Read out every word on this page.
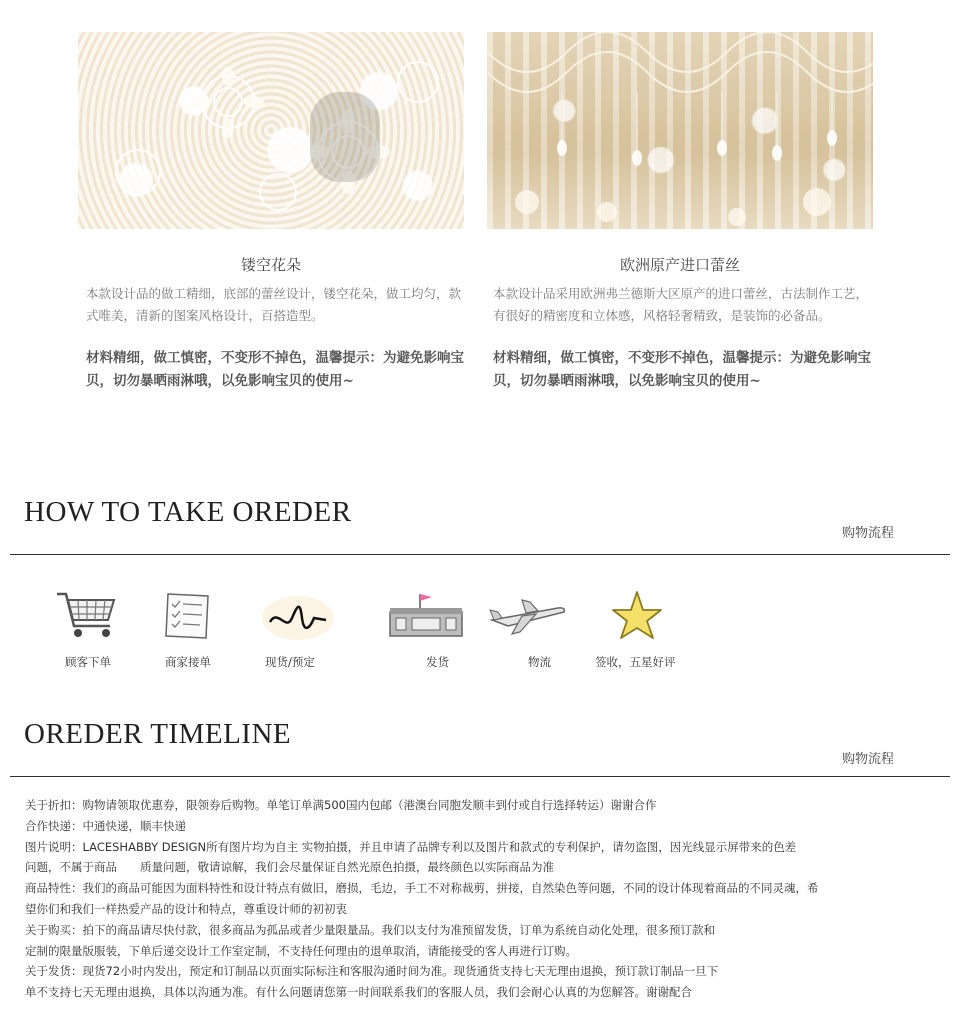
镂空花朵	欧洲原产进口蕾丝
本款设计品的做工精细，底部的蕾丝设计，镂空花朵，做工均匀，款式唯美，清新的图案风格设计，百搭造型。
本款设计品采用欧洲弗兰德斯大区原产的进口蕾丝，古法制作工艺，有很好的精密度和立体感，风格轻奢精致，是装饰的必备品。
材料精细，做工慎密，不变形不掉色，温馨提示：为避免影响宝贝，切勿暴晒雨淋哦，以免影响宝贝的使用~
材料精细，做工慎密，不变形不掉色，温馨提示：为避免影响宝贝，切勿暴晒雨淋哦，以免影响宝贝的使用~
HOW TO TAKE OREDER
购物流程
顾客下单	商家接单	现货/预定	发货	物流	签收，五星好评
OREDER TIMELINE
购物流程
关于折扣：购物请领取优惠券，限领券后购物。单笔订单满500国内包邮（港澳台同胞发顺丰到付或自行选择转运）谢谢合作
合作快递：中通快递，顺丰快递
图片说明：LACESHABBY DESIGN所有图片均为自主 实物拍摄，并且申请了品牌专利以及图片和款式的专利保护，请勿盗图，因光线显示屏带来的色差
问题，不属于商品　　质量问题，敬请谅解，我们会尽量保证自然光原色拍摄，最终颜色以实际商品为准
商品特性：我们的商品可能因为面料特性和设计特点有做旧，磨损，毛边，手工不对称裁剪，拼接，自然染色等问题，不同的设计体现着商品的不同灵魂，希
望你们和我们一样热爱产品的设计和特点，尊重设计师的初初衷
关于购买：拍下的商品请尽快付款，很多商品为孤品或者少量限量品。我们以支付为准预留发货，订单为系统自动化处理，很多预订款和
定制的限量版服装，下单后递交设计工作室定制，不支持任何理由的退单取消，请能接受的客人再进行订购。
关于发货：现货72小时内发出，预定和订制品以页面实际标注和客服沟通时间为准。现货通货支持七天无理由退换，预订款订制品一旦下
单不支持七天无理由退换，具体以沟通为准。有什么问题请您第一时间联系我们的客服人员，我们会耐心认真的为您解答。谢谢配合
